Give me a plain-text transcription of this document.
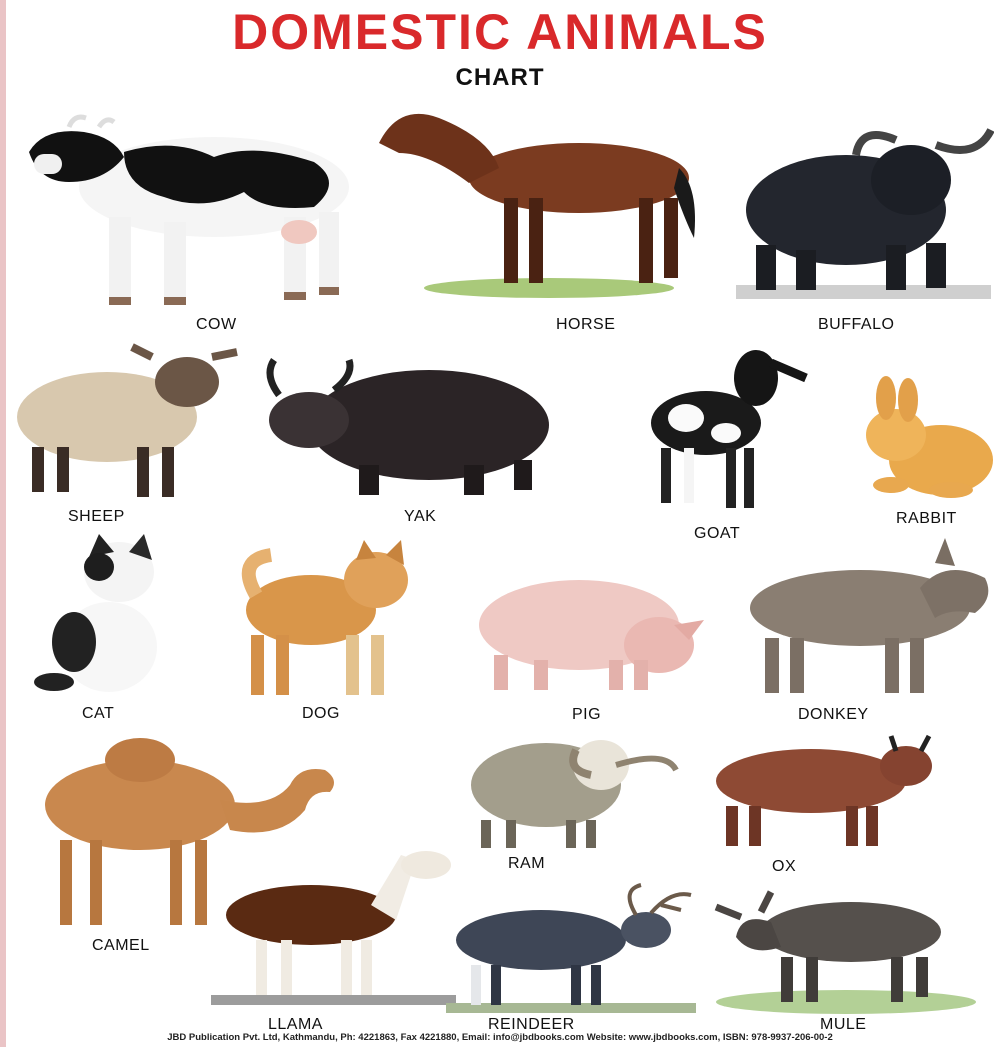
DOMESTIC ANIMALS
CHART
COW	HORSE	BUFFALO
SHEEP	YAK
GOAT
RABBIT
CAT	DOG	PIG	DONKEY
CAMEL
RAM	OX
LLAMA	REINDEER	MULE
JBD Publication Pvt. Ltd, Kathmandu, Ph: 4221863, Fax 4221880, Email: info@jbdbooks.com Website: www.jbdbooks.com, ISBN: 978-9937-206-00-2
